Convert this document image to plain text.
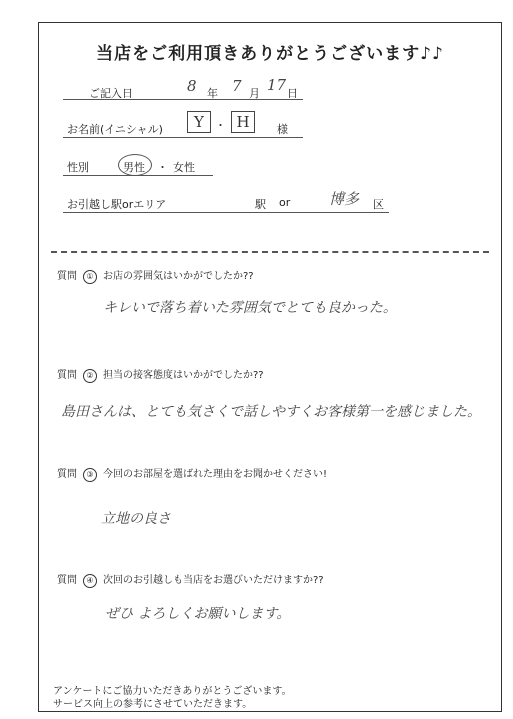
当店をご利用頂きありがとうございます♪♪
ご記入日	8 年 7 月 17 日
お名前(イニシャル)	Y	・ H	様
性別	男性 ・ 女性
お引越し駅orエリア	駅 or	博多 区
質問 ① お店の雰囲気はいかがでしたか??
キレいで落ち着いた雰囲気でとても良かった。
質問 ② 担当の接客態度はいかがでしたか??
島田さんは、とても気さくで話しやすくお客様第一を感じました。
質問 ③ 今回のお部屋を選ばれた理由をお聞かせください!
立地の良さ
質問 ④ 次回のお引越しも当店をお選びいただけますか??
ぜひ よろしくお願いします。
アンケートにご協力いただきありがとうございます。
サービス向上の参考にさせていただきます。
